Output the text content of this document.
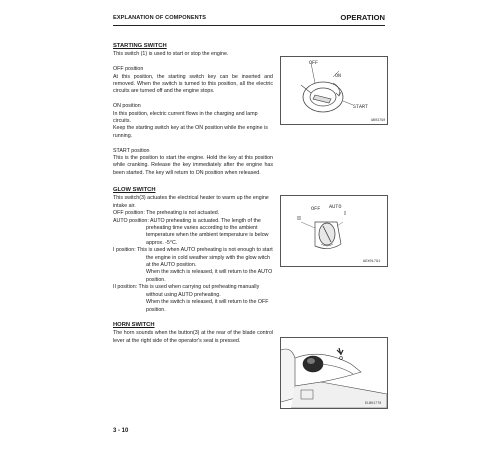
EXPLANATION OF COMPONENTS	OPERATION
STARTING SWITCH

This switch (1) is used to start or stop the engine.

OFF position

At this position, the starting switch key can be inserted and removed. When the switch is turned to this position, all the electric circuits are turned off and the engine stops.

ON position

In this position, electric current flows in the charging and lamp circuits.

Keep the starting switch key at the ON position while the engine is running.

START position

This is the position to start the engine. Hold the key at this position while cranking. Release the key immediately after the engine has been started. The key will return to ON position when released.

OFF
ON
START
AB03790
GLOW SWITCH

This switch(3) actuates the electrical heater to warm up the engine intake air.

OFF position: The preheating is not actuated.

AUTO position: AUTO preheating is actuated. The length of the preheating time varies according to the ambient temperature when the ambient temperature is below approx. -5°C.

I position: This is used when AUTO preheating is not enough to start the engine in cold weather simply with the glow witch at the AUTO position.

When the switch is released, it will return to the AUTO position.

II position: This is used when carrying out preheating manually without using AUTO preheating.

When the switch is released, it will return to the OFF position.

OFF AUTO
I
II
ADX01791
HORN SWITCH

The horn sounds when the button(3) at the rear of the blade control lever at the right side of the operator's seat is pressed.

ELB01770
3 - 10
